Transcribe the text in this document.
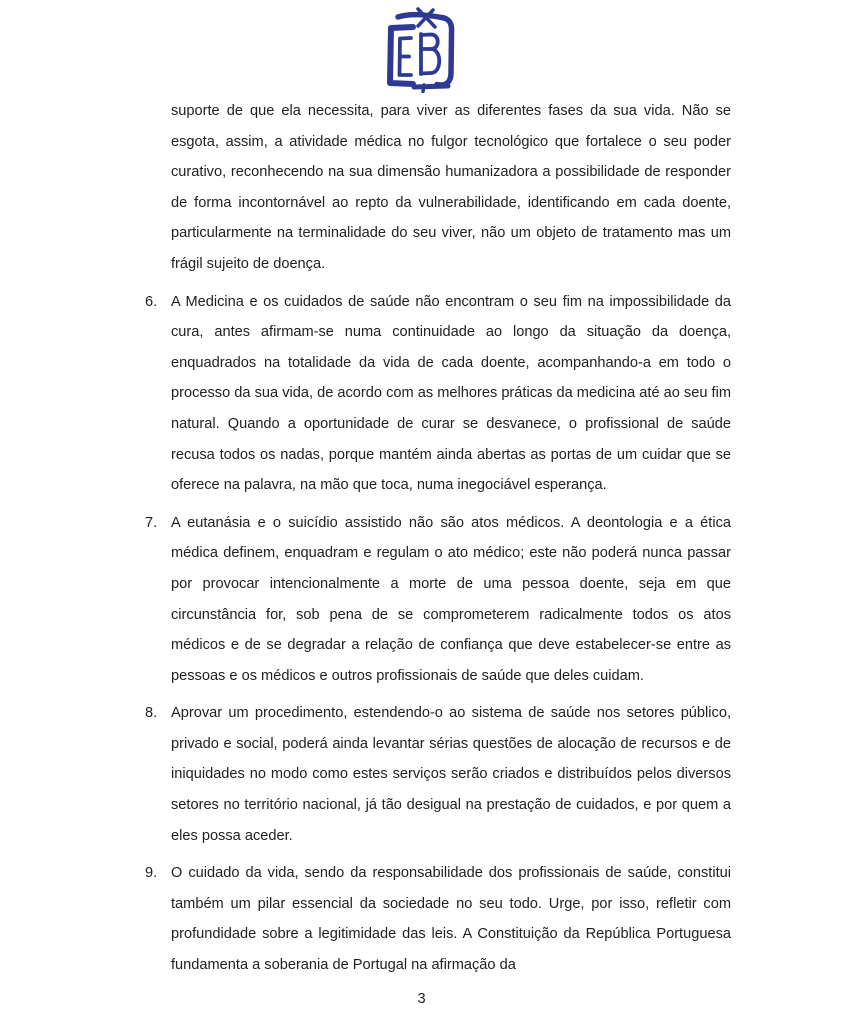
suporte de que ela necessita, para viver as diferentes fases da sua vida. Não se esgota, assim, a atividade médica no fulgor tecnológico que fortalece o seu poder curativo, reconhecendo na sua dimensão humanizadora a possibilidade de responder de forma incontornável ao repto da vulnerabilidade, identificando em cada doente, particularmente na terminalidade do seu viver, não um objeto de tratamento mas um frágil sujeito de doença.

6. A Medicina e os cuidados de saúde não encontram o seu fim na impossibilidade da cura, antes afirmam-se numa continuidade ao longo da situação da doença, enquadrados na totalidade da vida de cada doente, acompanhando-a em todo o processo da sua vida, de acordo com as melhores práticas da medicina até ao seu fim natural. Quando a oportunidade de curar se desvanece, o profissional de saúde recusa todos os nadas, porque mantém ainda abertas as portas de um cuidar que se oferece na palavra, na mão que toca, numa inegociável esperança.
7. A eutanásia e o suicídio assistido não são atos médicos. A deontologia e a ética médica definem, enquadram e regulam o ato médico; este não poderá nunca passar por provocar intencionalmente a morte de uma pessoa doente, seja em que circunstância for, sob pena de se comprometerem radicalmente todos os atos médicos e de se degradar a relação de confiança que deve estabelecer-se entre as pessoas e os médicos e outros profissionais de saúde que deles cuidam.
8. Aprovar um procedimento, estendendo-o ao sistema de saúde nos setores público, privado e social, poderá ainda levantar sérias questões de alocação de recursos e de iniquidades no modo como estes serviços serão criados e distribuídos pelos diversos setores no território nacional, já tão desigual na prestação de cuidados, e por quem a eles possa aceder.
9. O cuidado da vida, sendo da responsabilidade dos profissionais de saúde, constitui também um pilar essencial da sociedade no seu todo. Urge, por isso, refletir com profundidade sobre a legitimidade das leis. A Constituição da República Portuguesa fundamenta a soberania de Portugal na afirmação da
3
